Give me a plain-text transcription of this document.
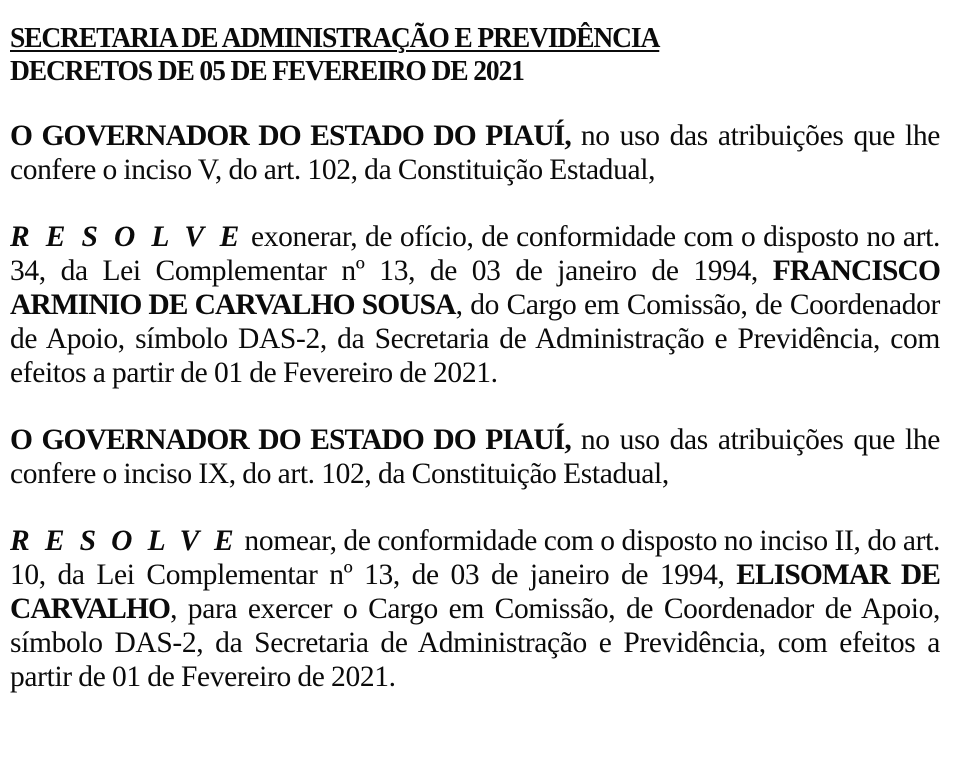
SECRETARIA DE ADMINISTRAÇÃO E PREVIDÊNCIA

DECRETOS DE 05 DE FEVEREIRO DE 2021

O GOVERNADOR DO ESTADO DO PIAUÍ, no uso das atribuições que lhe confere o inciso V, do art. 102, da Constituição Estadual,

R E S O L V E exonerar, de ofício, de conformidade com o disposto no art. 34, da Lei Complementar nº 13, de 03 de janeiro de 1994, FRANCISCO ARMINIO DE CARVALHO SOUSA, do Cargo em Comissão, de Coordenador de Apoio, símbolo DAS-2, da Secretaria de Administração e Previdência, com efeitos a partir de 01 de Fevereiro de 2021.

O GOVERNADOR DO ESTADO DO PIAUÍ, no uso das atribuições que lhe confere o inciso IX, do art. 102, da Constituição Estadual,

R E S O L V E nomear, de conformidade com o disposto no inciso II, do art. 10, da Lei Complementar nº 13, de 03 de janeiro de 1994, ELISOMAR DE CARVALHO, para exercer o Cargo em Comissão, de Coordenador de Apoio, símbolo DAS-2, da Secretaria de Administração e Previdência, com efeitos a partir de 01 de Fevereiro de 2021.
